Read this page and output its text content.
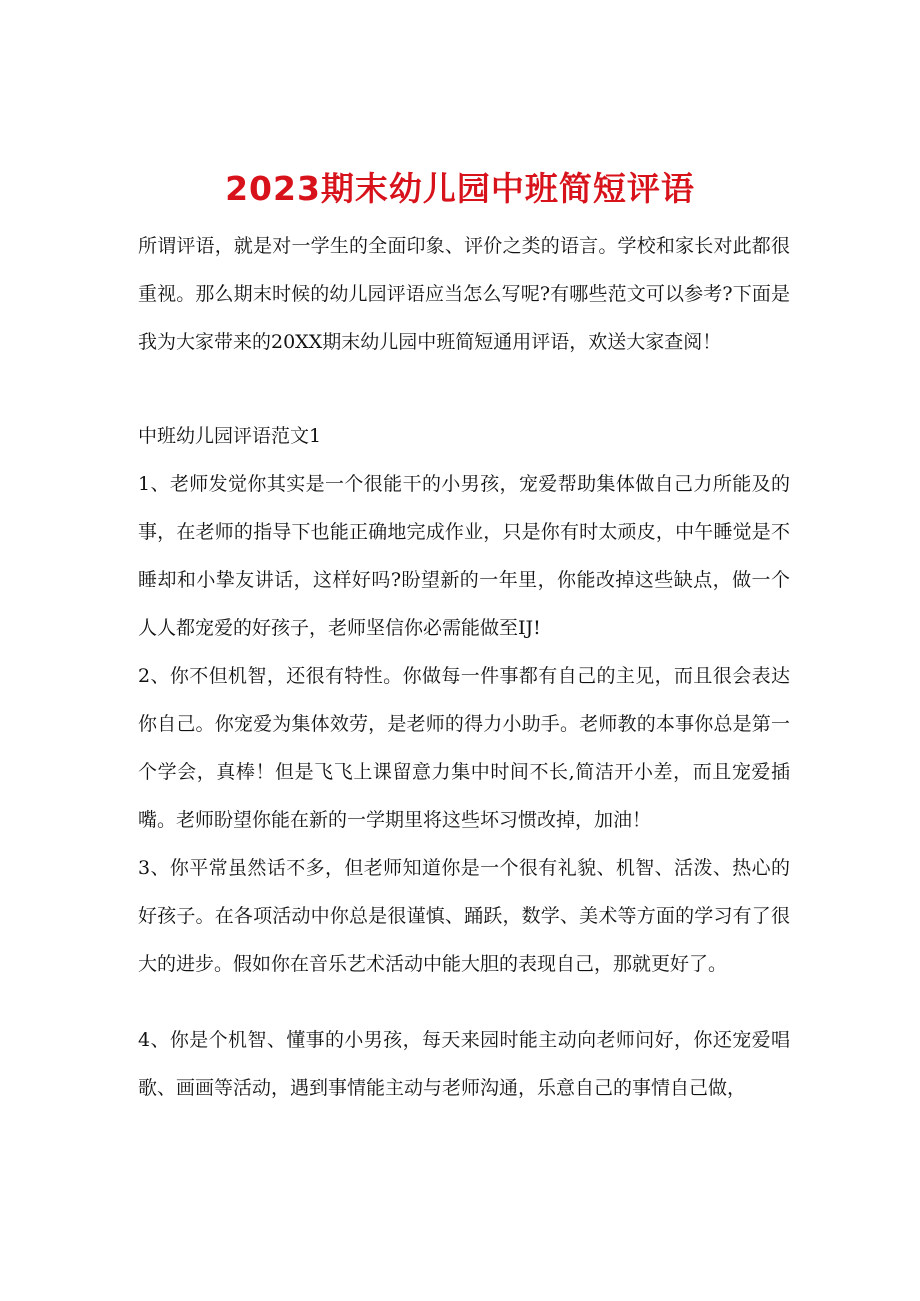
2023期末幼儿园中班简短评语

所谓评语，就是对一学生的全面印象、评价之类的语言。学校和家长对此都很重视。那么期末时候的幼儿园评语应当怎么写呢?有哪些范文可以参考?下面是我为大家带来的20XX期末幼儿园中班简短通用评语，欢送大家查阅！

中班幼儿园评语范文1

1、老师发觉你其实是一个很能干的小男孩，宠爱帮助集体做自己力所能及的事，在老师的指导下也能正确地完成作业，只是你有时太顽皮，中午睡觉是不睡却和小挚友讲话，这样好吗?盼望新的一年里，你能改掉这些缺点，做一个人人都宠爱的好孩子，老师坚信你必需能做至IJ!

2、你不但机智，还很有特性。你做每一件事都有自己的主见，而且很会表达你自己。你宠爱为集体效劳，是老师的得力小助手。老师教的本事你总是第一个学会，真棒！但是飞飞上课留意力集中时间不长,简洁开小差，而且宠爱插嘴。老师盼望你能在新的一学期里将这些坏习惯改掉，加油！

3、你平常虽然话不多，但老师知道你是一个很有礼貌、机智、活泼、热心的好孩子。在各项活动中你总是很谨慎、踊跃，数学、美术等方面的学习有了很大的进步。假如你在音乐艺术活动中能大胆的表现自己，那就更好了。

4、你是个机智、懂事的小男孩，每天来园时能主动向老师问好，你还宠爱唱歌、画画等活动，遇到事情能主动与老师沟通，乐意自己的事情自己做，
